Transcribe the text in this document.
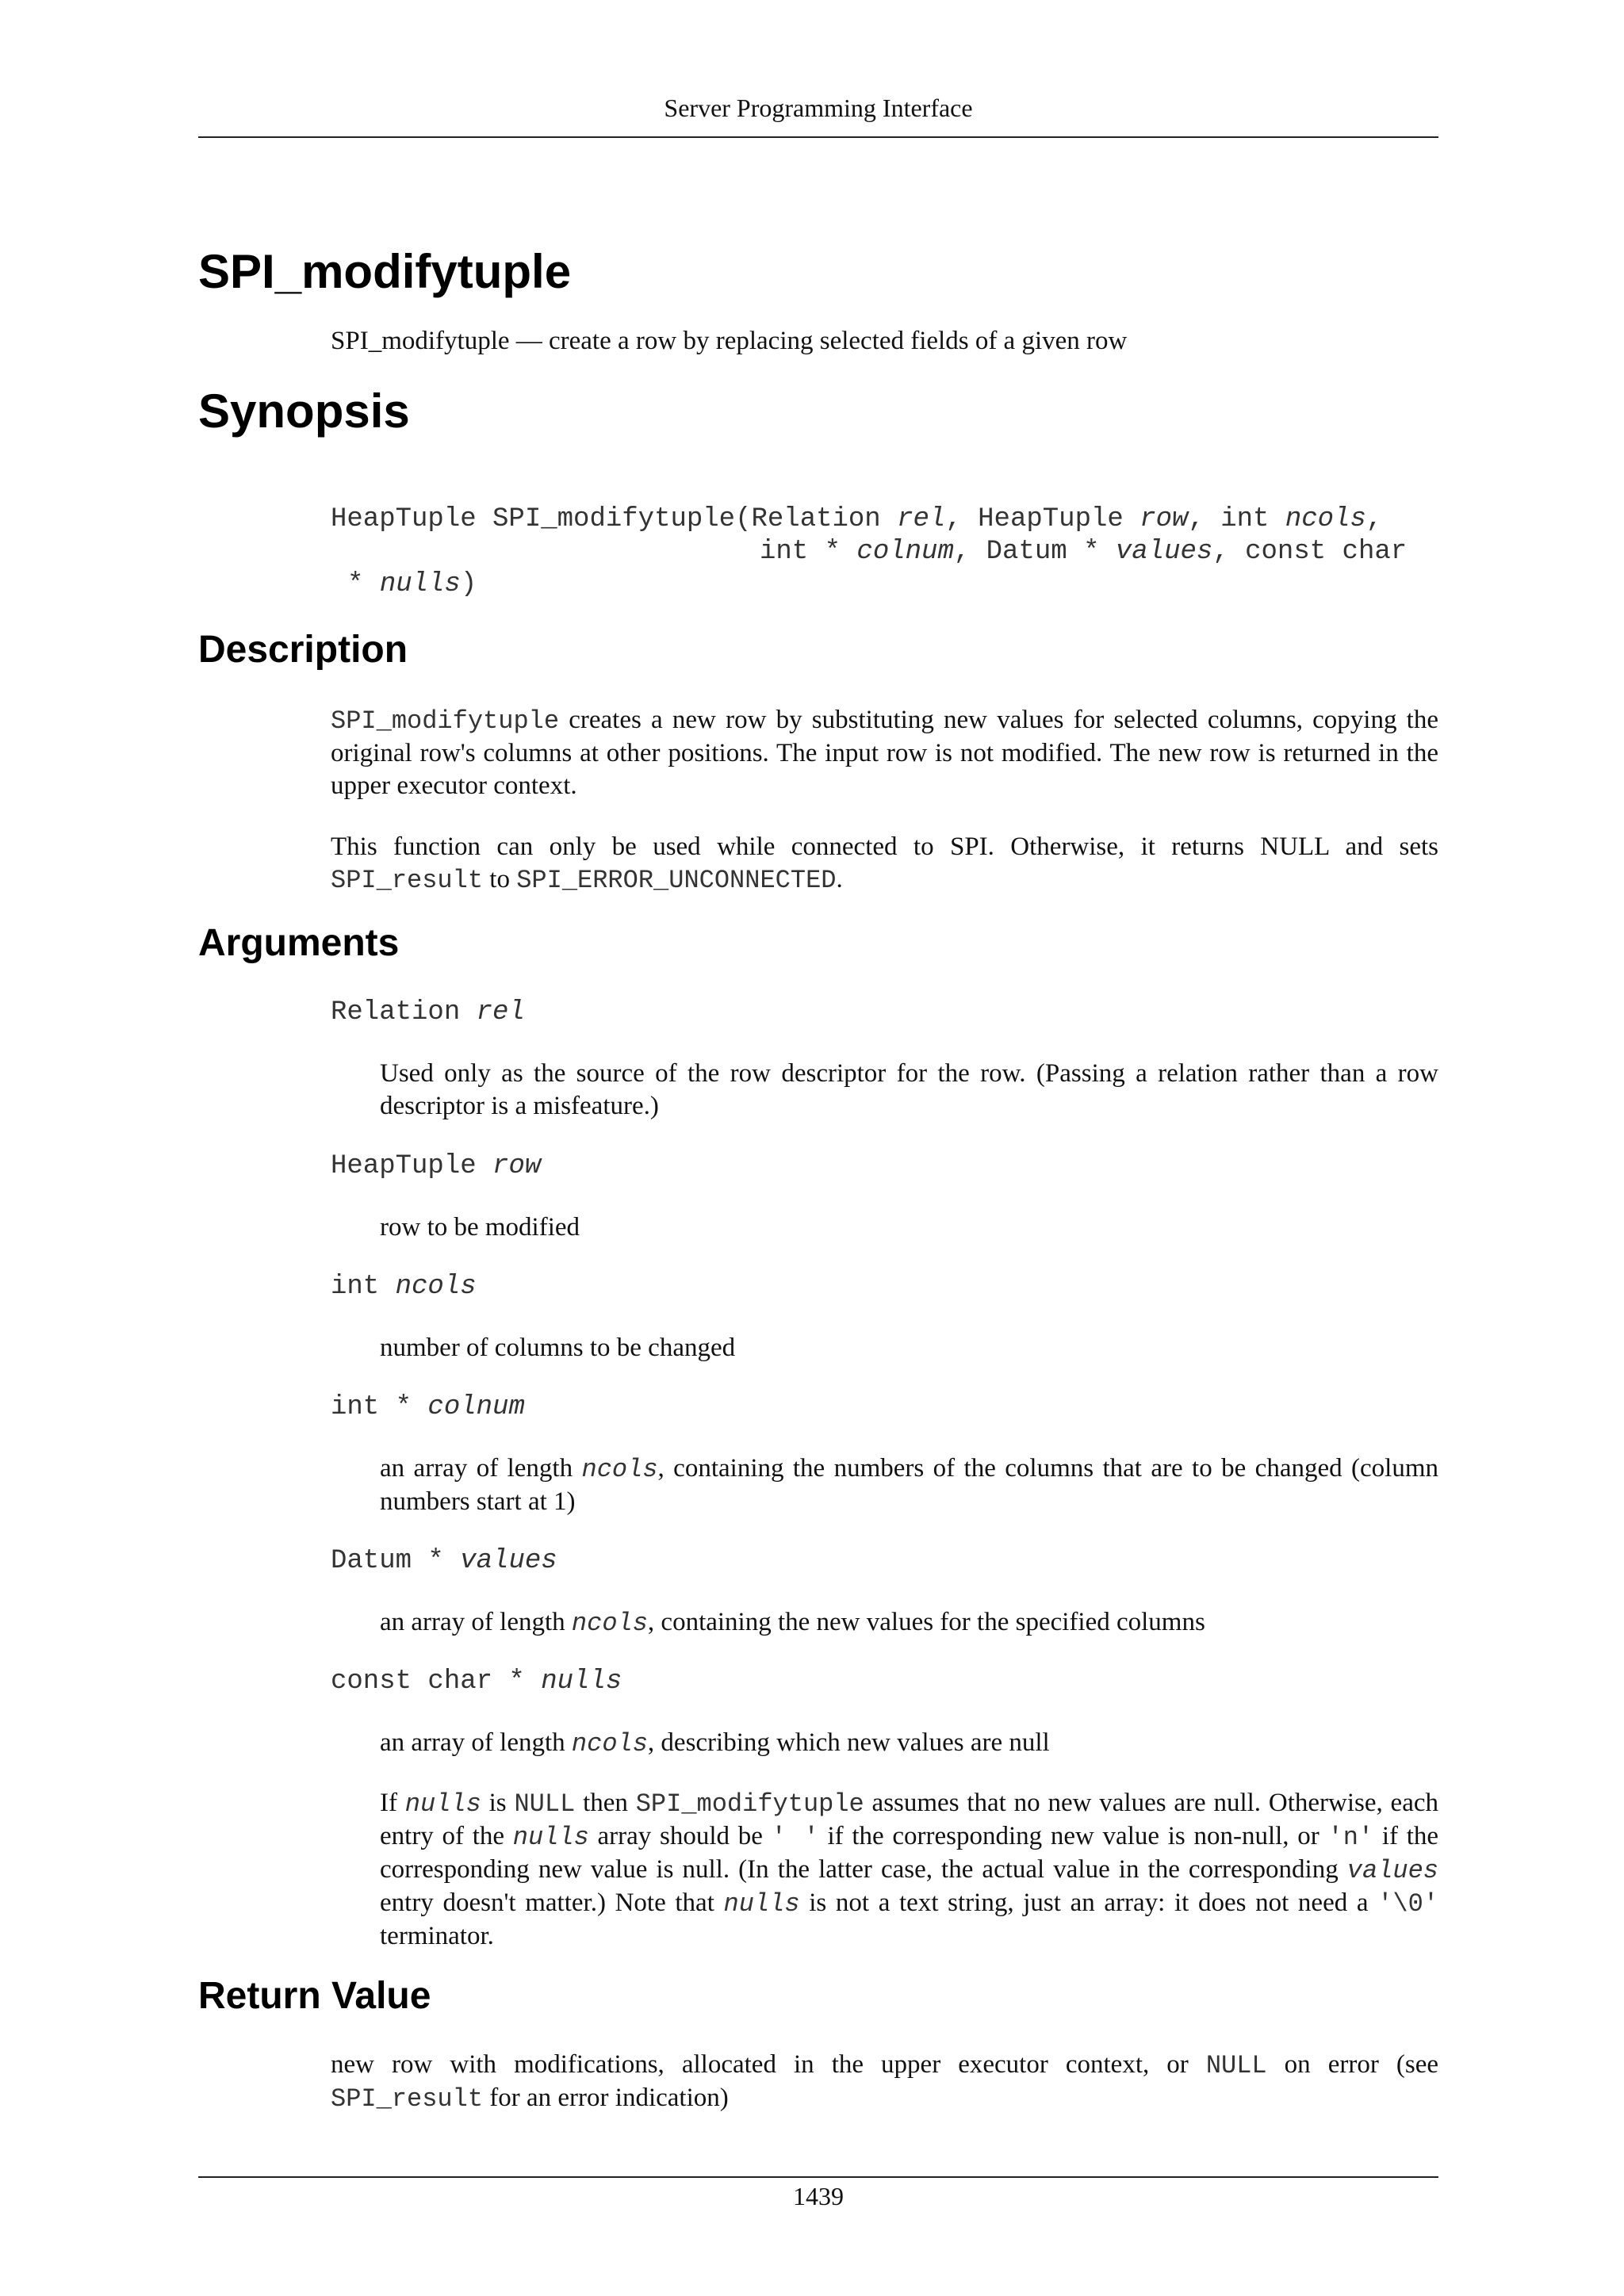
Server Programming Interface
SPI_modifytuple
SPI_modifytuple — create a row by replacing selected fields of a given row
Synopsis
HeapTuple SPI_modifytuple(Relation rel, HeapTuple row, int ncols,
int * colnum, Datum * values, const char
* nulls)
Description
SPI_modifytuple creates a new row by substituting new values for selected columns, copying the original row's columns at other positions. The input row is not modified. The new row is returned in the upper executor context.
This function can only be used while connected to SPI. Otherwise, it returns NULL and sets SPI_result to SPI_ERROR_UNCONNECTED.
Arguments
Relation rel
Used only as the source of the row descriptor for the row. (Passing a relation rather than a row descriptor is a misfeature.)
HeapTuple row
row to be modified
int ncols
number of columns to be changed
int * colnum
an array of length ncols, containing the numbers of the columns that are to be changed (column numbers start at 1)
Datum * values
an array of length ncols, containing the new values for the specified columns
const char * nulls
an array of length ncols, describing which new values are null
If nulls is NULL then SPI_modifytuple assumes that no new values are null. Otherwise, each entry of the nulls array should be ' ' if the corresponding new value is non-null, or 'n' if the corresponding new value is null. (In the latter case, the actual value in the corresponding values entry doesn't matter.) Note that nulls is not a text string, just an array: it does not need a '\0' terminator.
Return Value
new row with modifications, allocated in the upper executor context, or NULL on error (see SPI_result for an error indication)
1439
